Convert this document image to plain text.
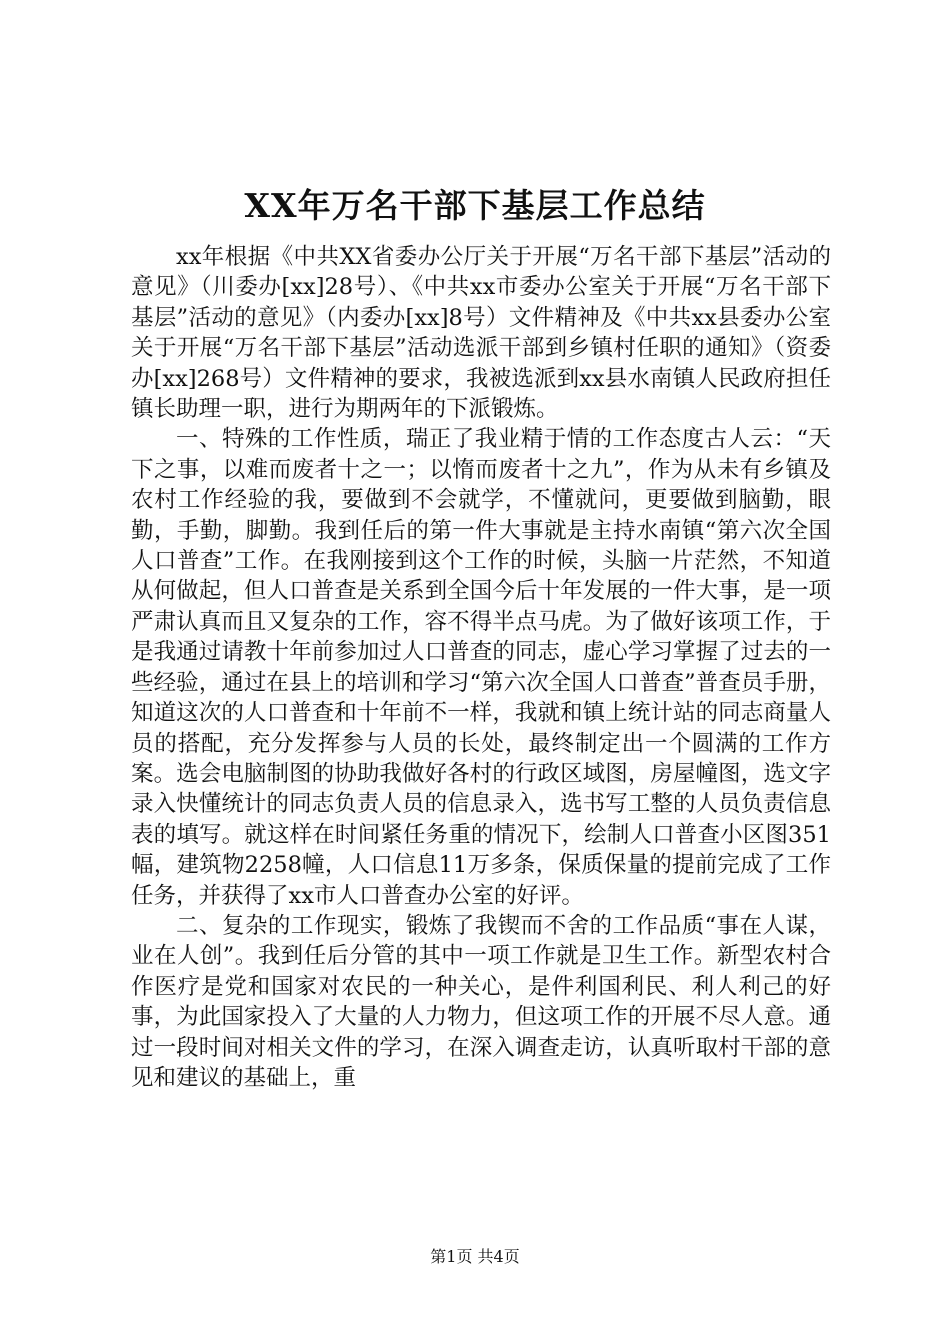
XX年万名干部下基层工作总结

xx年根据《中共XX省委办公厅关于开展“万名干部下基层”活动的意见》（川委办[xx]28号）、《中共xx市委办公室关于开展“万名干部下基层”活动的意见》（内委办[xx]8号）文件精神及《中共xx县委办公室关于开展“万名干部下基层”活动选派干部到乡镇村任职的通知》（资委办[xx]268号）文件精神的要求，我被选派到xx县水南镇人民政府担任镇长助理一职，进行为期两年的下派锻炼。

一、特殊的工作性质，瑞正了我业精于情的工作态度古人云：“天下之事，以难而废者十之一；以惰而废者十之九”，作为从未有乡镇及农村工作经验的我，要做到不会就学，不懂就问，更要做到脑勤，眼勤，手勤，脚勤。我到任后的第一件大事就是主持水南镇“第六次全国人口普查”工作。在我刚接到这个工作的时候，头脑一片茫然，不知道从何做起，但人口普查是关系到全国今后十年发展的一件大事，是一项严肃认真而且又复杂的工作，容不得半点马虎。为了做好该项工作，于是我通过请教十年前参加过人口普查的同志，虚心学习掌握了过去的一些经验，通过在县上的培训和学习“第六次全国人口普查”普查员手册，知道这次的人口普查和十年前不一样，我就和镇上统计站的同志商量人员的搭配，充分发挥参与人员的长处，最终制定出一个圆满的工作方案。选会电脑制图的协助我做好各村的行政区域图，房屋幢图，选文字录入快懂统计的同志负责人员的信息录入，选书写工整的人员负责信息表的填写。就这样在时间紧任务重的情况下，绘制人口普查小区图351幅，建筑物2258幢，人口信息11万多条，保质保量的提前完成了工作任务，并获得了xx市人口普查办公室的好评。

二、复杂的工作现实，锻炼了我锲而不舍的工作品质“事在人谋，业在人创”。我到任后分管的其中一项工作就是卫生工作。新型农村合作医疗是党和国家对农民的一种关心，是件利国利民、利人利己的好事，为此国家投入了大量的人力物力，但这项工作的开展不尽人意。通过一段时间对相关文件的学习，在深入调查走访，认真听取村干部的意见和建议的基础上，重

第1页 共4页
